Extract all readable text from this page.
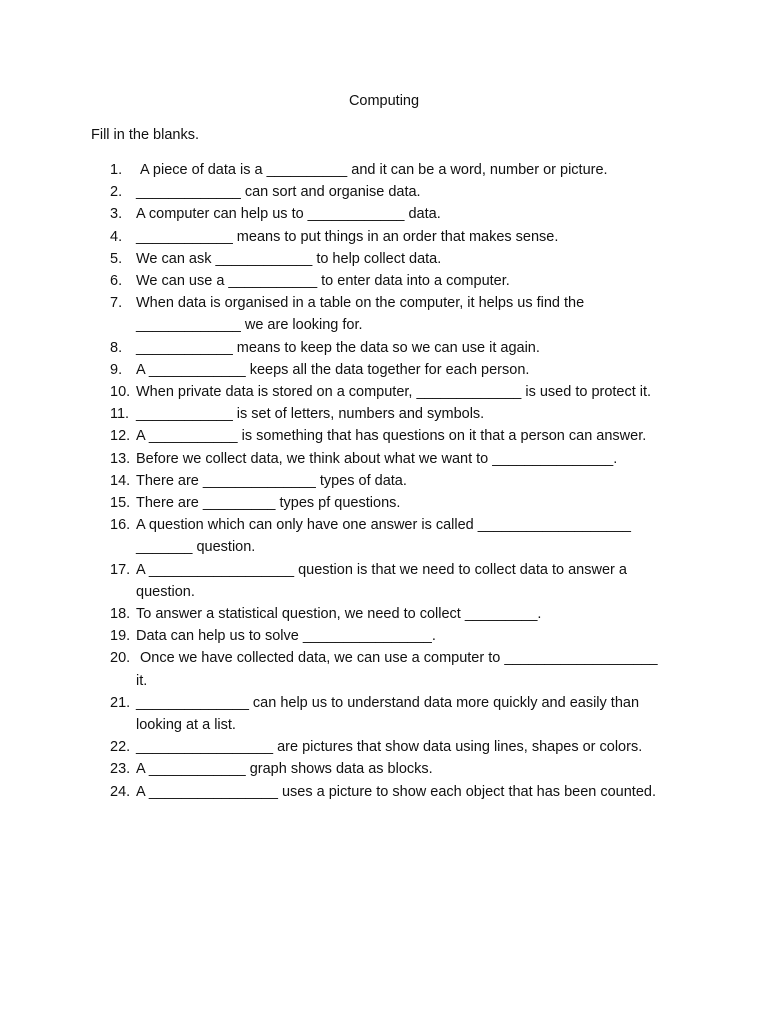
Computing
Fill in the blanks.
1. A piece of data is a __________ and it can be a word, number or picture.
2. _____________ can sort and organise data.
3. A computer can help us to ____________ data.
4. ____________ means to put things in an order that makes sense.
5. We can ask ____________ to help collect data.
6. We can use a ___________ to enter data into a computer.
7. When data is organised in a table on the computer, it helps us find the
_____________ we are looking for.
8. ____________ means to keep the data so we can use it again.
9. A ____________ keeps all the data together for each person.
10. When private data is stored on a computer, _____________ is used to protect it.
11. ____________ is set of letters, numbers and symbols.
12. A ___________ is something that has questions on it that a person can answer.
13. Before we collect data, we think about what we want to _______________.
14. There are ______________ types of data.
15. There are _________ types pf questions.
16. A question which can only have one answer is called ___________________
_______ question.
17. A __________________ question is that we need to collect data to answer a
question.
18. To answer a statistical question, we need to collect _________.
19. Data can help us to solve ________________.
20. Once we have collected data, we can use a computer to ___________________
it.
21. ______________ can help us to understand data more quickly and easily than
looking at a list.
22. _________________ are pictures that show data using lines, shapes or colors.
23. A ____________ graph shows data as blocks.
24. A ________________ uses a picture to show each object that has been counted.
